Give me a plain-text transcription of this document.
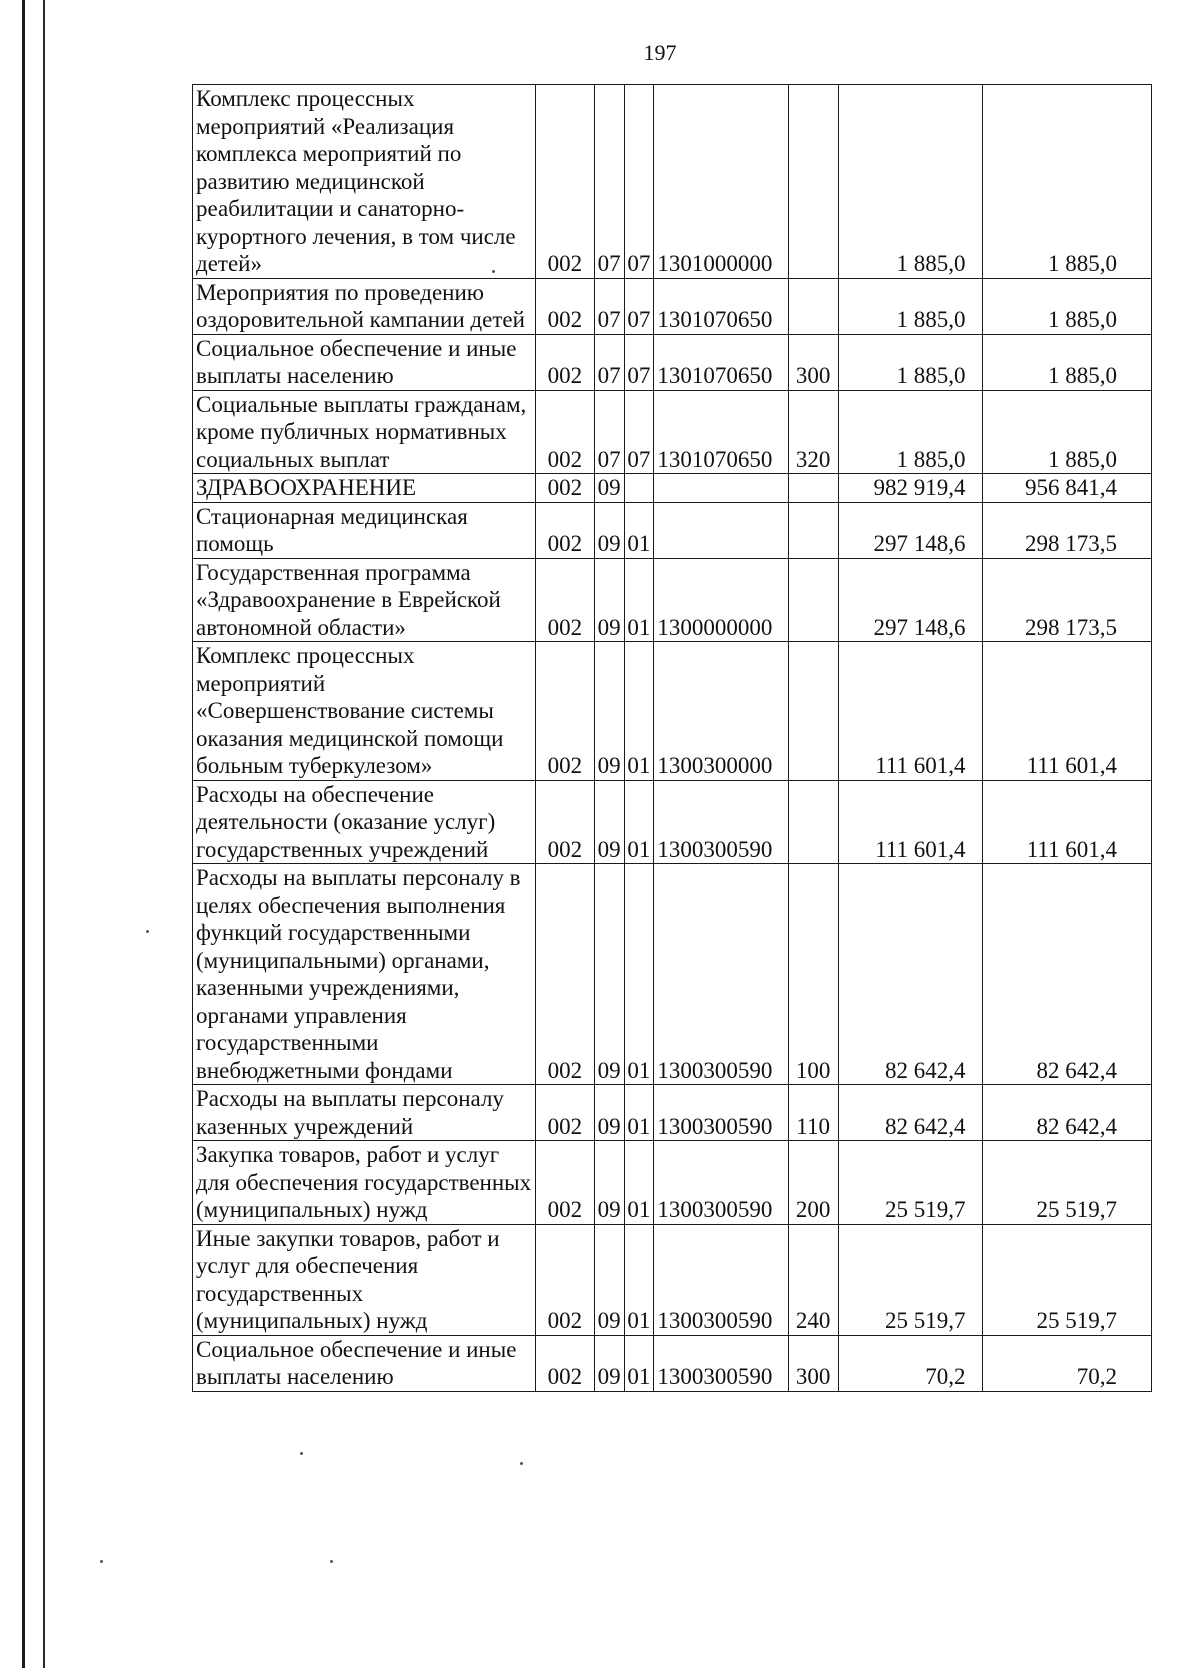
197
Комплекс процессных мероприятий «Реализация комплекса мероприятий по развитию медицинской реабилитации и санаторно-курортного лечения, в том числе детей»	002	07	07	1301000000		1 885,0	1 885,0
Мероприятия по проведению оздоровительной кампании детей	002	07	07	1301070650		1 885,0	1 885,0
Социальное обеспечение и иные выплаты населению	002	07	07	1301070650	300	1 885,0	1 885,0
Социальные выплаты гражданам, кроме публичных нормативных социальных выплат	002	07	07	1301070650	320	1 885,0	1 885,0
ЗДРАВООХРАНЕНИЕ	002	09				982 919,4	956 841,4
Стационарная медицинская помощь	002	09	01			297 148,6	298 173,5
Государственная программа «Здравоохранение в Еврейской автономной области»	002	09	01	1300000000		297 148,6	298 173,5
Комплекс процессных мероприятий «Совершенствование системы оказания медицинской помощи больным туберкулезом»	002	09	01	1300300000		111 601,4	111 601,4
Расходы на обеспечение деятельности (оказание услуг) государственных учреждений	002	09	01	1300300590		111 601,4	111 601,4
Расходы на выплаты персоналу в целях обеспечения выполнения функций государственными (муниципальными) органами, казенными учреждениями, органами управления государственными внебюджетными фондами	002	09	01	1300300590	100	82 642,4	82 642,4
Расходы на выплаты персоналу казенных учреждений	002	09	01	1300300590	110	82 642,4	82 642,4
Закупка товаров, работ и услуг для обеспечения государственных (муниципальных) нужд	002	09	01	1300300590	200	25 519,7	25 519,7
Иные закупки товаров, работ и услуг для обеспечения государственных (муниципальных) нужд	002	09	01	1300300590	240	25 519,7	25 519,7
Социальное обеспечение и иные выплаты населению	002	09	01	1300300590	300	70,2	70,2
